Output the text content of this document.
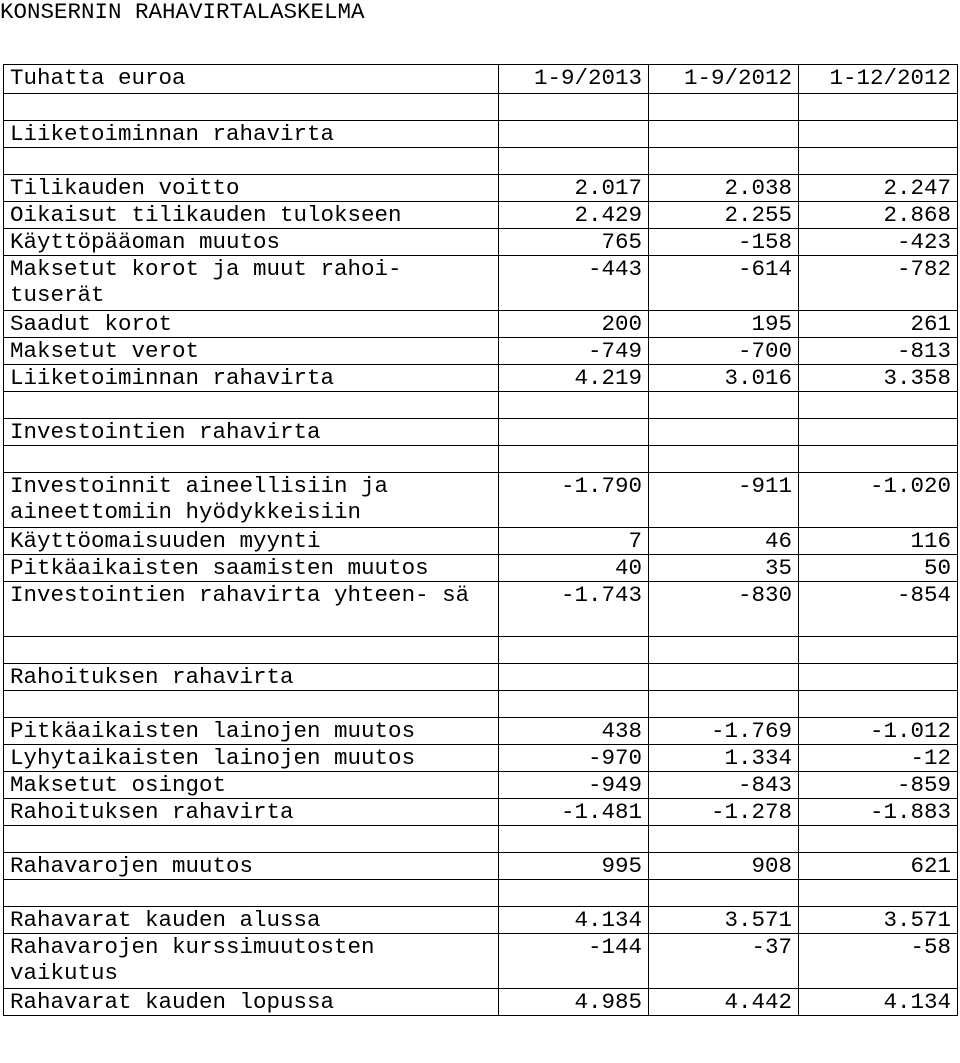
KONSERNIN RAHAVIRTALASKELMA
Tuhatta euroa	1-9/2013	1-9/2012	1-12/2012

Liiketoiminnan rahavirta			

Tilikauden voitto	2.017	2.038	2.247
Oikaisut tilikauden tulokseen	2.429	2.255	2.868
Käyttöpääoman muutos	765	-158	-423
Maksetut korot ja muut rahoi- tuserät	-443	-614	-782
Saadut korot	200	195	261
Maksetut verot	-749	-700	-813
Liiketoiminnan rahavirta	4.219	3.016	3.358

Investointien rahavirta			

Investoinnit aineellisiin ja aineettomiin hyödykkeisiin	-1.790	-911	-1.020
Käyttöomaisuuden myynti	7	46	116
Pitkäaikaisten saamisten muutos	40	35	50
Investointien rahavirta yhteen- sä	-1.743	-830	-854

Rahoituksen rahavirta			

Pitkäaikaisten lainojen muutos	438	-1.769	-1.012
Lyhytaikaisten lainojen muutos	-970	1.334	-12
Maksetut osingot	-949	-843	-859
Rahoituksen rahavirta	-1.481	-1.278	-1.883

Rahavarojen muutos	995	908	621

Rahavarat kauden alussa	4.134	3.571	3.571
Rahavarojen kurssimuutosten vaikutus	-144	-37	-58
Rahavarat kauden lopussa	4.985	4.442	4.134
